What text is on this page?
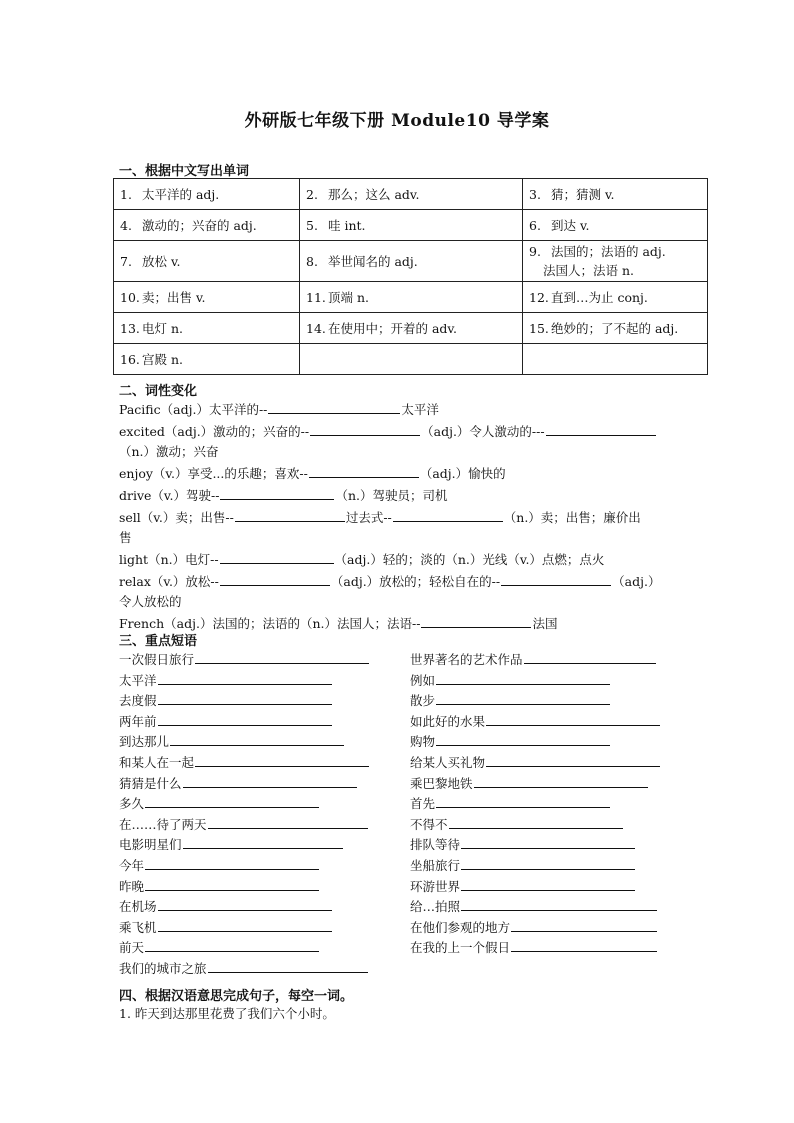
外研版七年级下册 Module10 导学案
一、根据中文写出单词
1. 太平洋的 adj.	2. 那么；这么 adv.	3. 猜；猜测 v.
4. 激动的；兴奋的 adj.	5. 哇 int.	6. 到达 v.
7. 放松 v.	8. 举世闻名的 adj.	9. 法国的；法语的 adj.
法国人；法语 n.
10. 卖；出售 v.	11. 顶端 n.	12. 直到…为止 conj.
13. 电灯 n.	14. 在使用中；开着的 adv.	15. 绝妙的；了不起的 adj.
16. 宫殿 n.		
二、词性变化
Pacific（adj.）太平洋的--	太平洋
excited（adj.）激动的；兴奋的--	（adj.）令人激动的---
（n.）激动；兴奋
enjoy（v.）享受...的乐趣；喜欢--	（adj.）愉快的
drive（v.）驾驶--	（n.）驾驶员；司机
sell（v.）卖；出售--	过去式--	（n.）卖；出售；廉价出
售
light（n.）电灯--	（adj.）轻的；淡的（n.）光线（v.）点燃；点火
relax（v.）放松--	（adj.）放松的；轻松自在的--	（adj.）
令人放松的
French（adj.）法国的；法语的（n.）法国人；法语--	法国
三、重点短语
一次假日旅行
太平洋
去度假
两年前
到达那儿
和某人在一起
猜猜是什么
多久
在……待了两天
电影明星们
今年
昨晚
在机场
乘飞机
前天
我们的城市之旅
世界著名的艺术作品
例如
散步
如此好的水果
购物
给某人买礼物
乘巴黎地铁
首先
不得不
排队等待
坐船旅行
环游世界
给…拍照
在他们参观的地方
在我的上一个假日
四、根据汉语意思完成句子，每空一词。
1. 昨天到达那里花费了我们六个小时。
